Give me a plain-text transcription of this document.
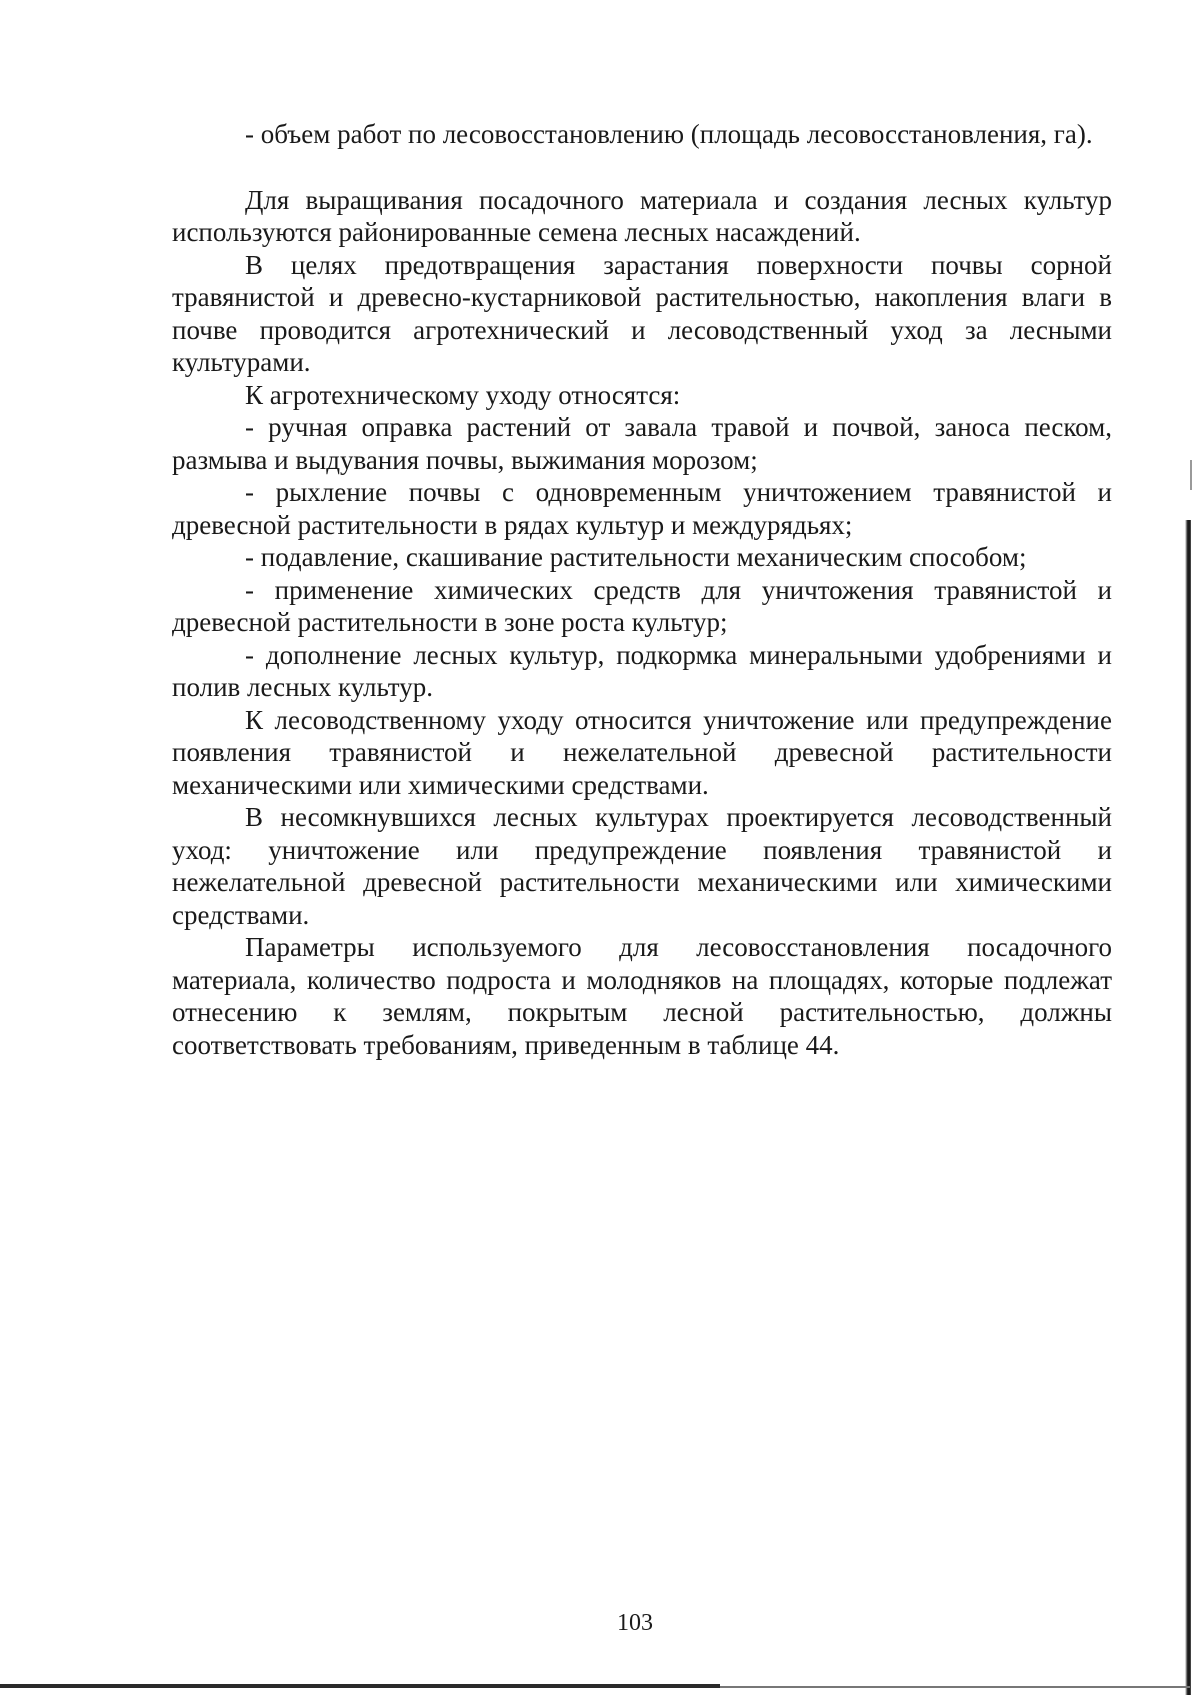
- объем работ по лесовосстановлению (площадь лесовосстановления, га).

Для выращивания посадочного материала и создания лесных культур используются районированные семена лесных насаждений.

В целях предотвращения зарастания поверхности почвы сорной травянистой и древесно-кустарниковой растительностью, накопления влаги в почве проводится агротехнический и лесоводственный уход за лесными культурами.

К агротехническому уходу относятся:

- ручная оправка растений от завала травой и почвой, заноса песком, размыва и выдувания почвы, выжимания морозом;

- рыхление почвы с одновременным уничтожением травянистой и древесной растительности в рядах культур и междурядьях;

- подавление, скашивание растительности механическим способом;

- применение химических средств для уничтожения травянистой и древесной растительности в зоне роста культур;

- дополнение лесных культур, подкормка минеральными удобрениями и полив лесных культур.

К лесоводственному уходу относится уничтожение или предупреждение появления травянистой и нежелательной древесной растительности механическими или химическими средствами.

В несомкнувшихся лесных культурах проектируется лесоводственный уход: уничтожение или предупреждение появления травянистой и нежелательной древесной растительности механическими или химическими средствами.

Параметры используемого для лесовосстановления посадочного материала, количество подроста и молодняков на площадях, которые подлежат отнесению к землям, покрытым лесной растительностью, должны соответствовать требованиям, приведенным в таблице 44.

103
